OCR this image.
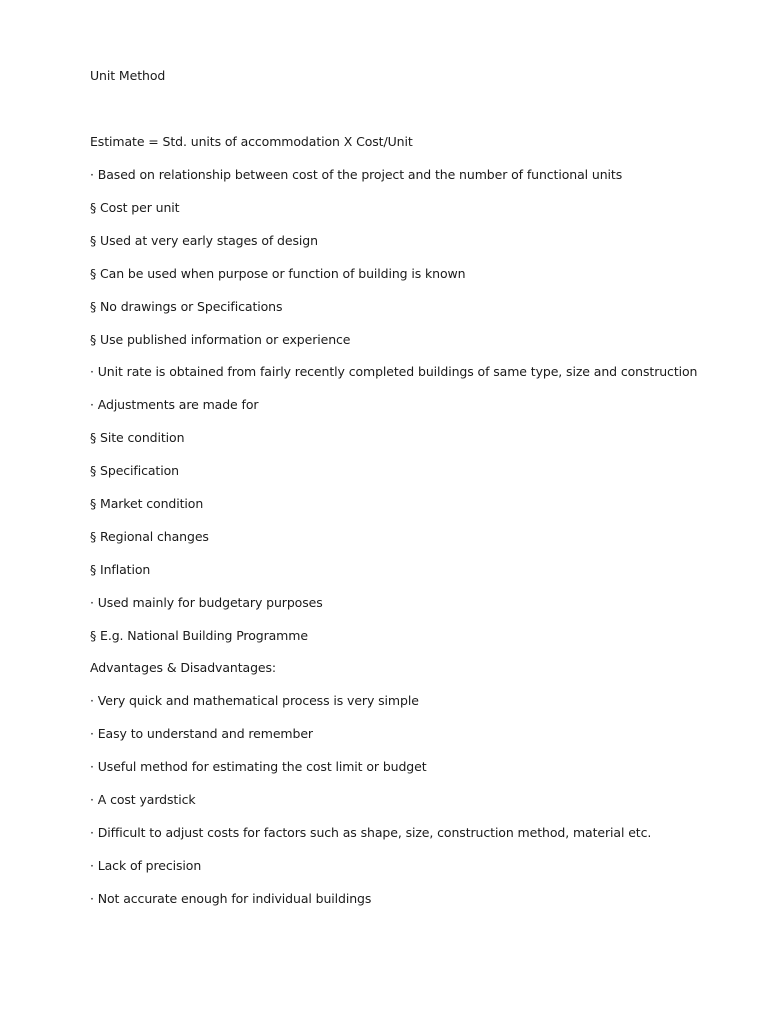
Unit Method
Estimate = Std. units of accommodation X Cost/Unit
· Based on relationship between cost of the project and the number of functional units
§ Cost per unit
§ Used at very early stages of design
§ Can be used when purpose or function of building is known
§ No drawings or Specifications
§ Use published information or experience
· Unit rate is obtained from fairly recently completed buildings of same type, size and construction
· Adjustments are made for
§ Site condition
§ Specification
§ Market condition
§ Regional changes
§ Inflation
· Used mainly for budgetary purposes
§ E.g. National Building Programme
Advantages & Disadvantages:
· Very quick and mathematical process is very simple
· Easy to understand and remember
· Useful method for estimating the cost limit or budget
· A cost yardstick
· Difficult to adjust costs for factors such as shape, size, construction method, material etc.
· Lack of precision
· Not accurate enough for individual buildings
